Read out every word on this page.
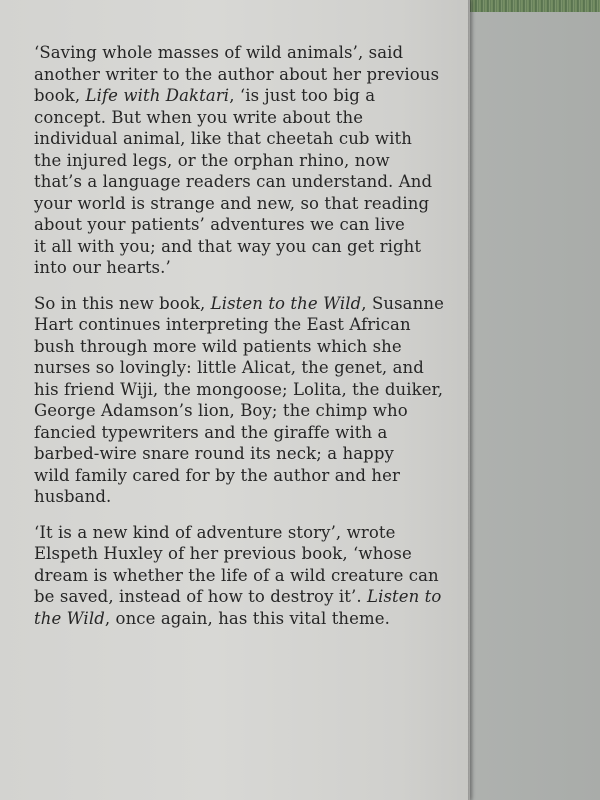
‘Saving whole masses of wild animals’, said
another writer to the author about her previous
book, Life with Daktari, ‘is just too big a
concept. But when you write about the
individual animal, like that cheetah cub with
the injured legs, or the orphan rhino, now
that’s a language readers can understand. And
your world is strange and new, so that reading
about your patients’ adventures we can live
it all with you; and that way you can get right
into our hearts.’
So in this new book, Listen to the Wild, Susanne
Hart continues interpreting the East African
bush through more wild patients which she
nurses so lovingly: little Alicat, the genet, and
his friend Wiji, the mongoose; Lolita, the duiker,
George Adamson’s lion, Boy; the chimp who
fancied typewriters and the giraffe with a
barbed-wire snare round its neck; a happy
wild family cared for by the author and her
husband.
‘It is a new kind of adventure story’, wrote
Elspeth Huxley of her previous book, ‘whose
dream is whether the life of a wild creature can
be saved, instead of how to destroy it’. Listen to
the Wild, once again, has this vital theme.
